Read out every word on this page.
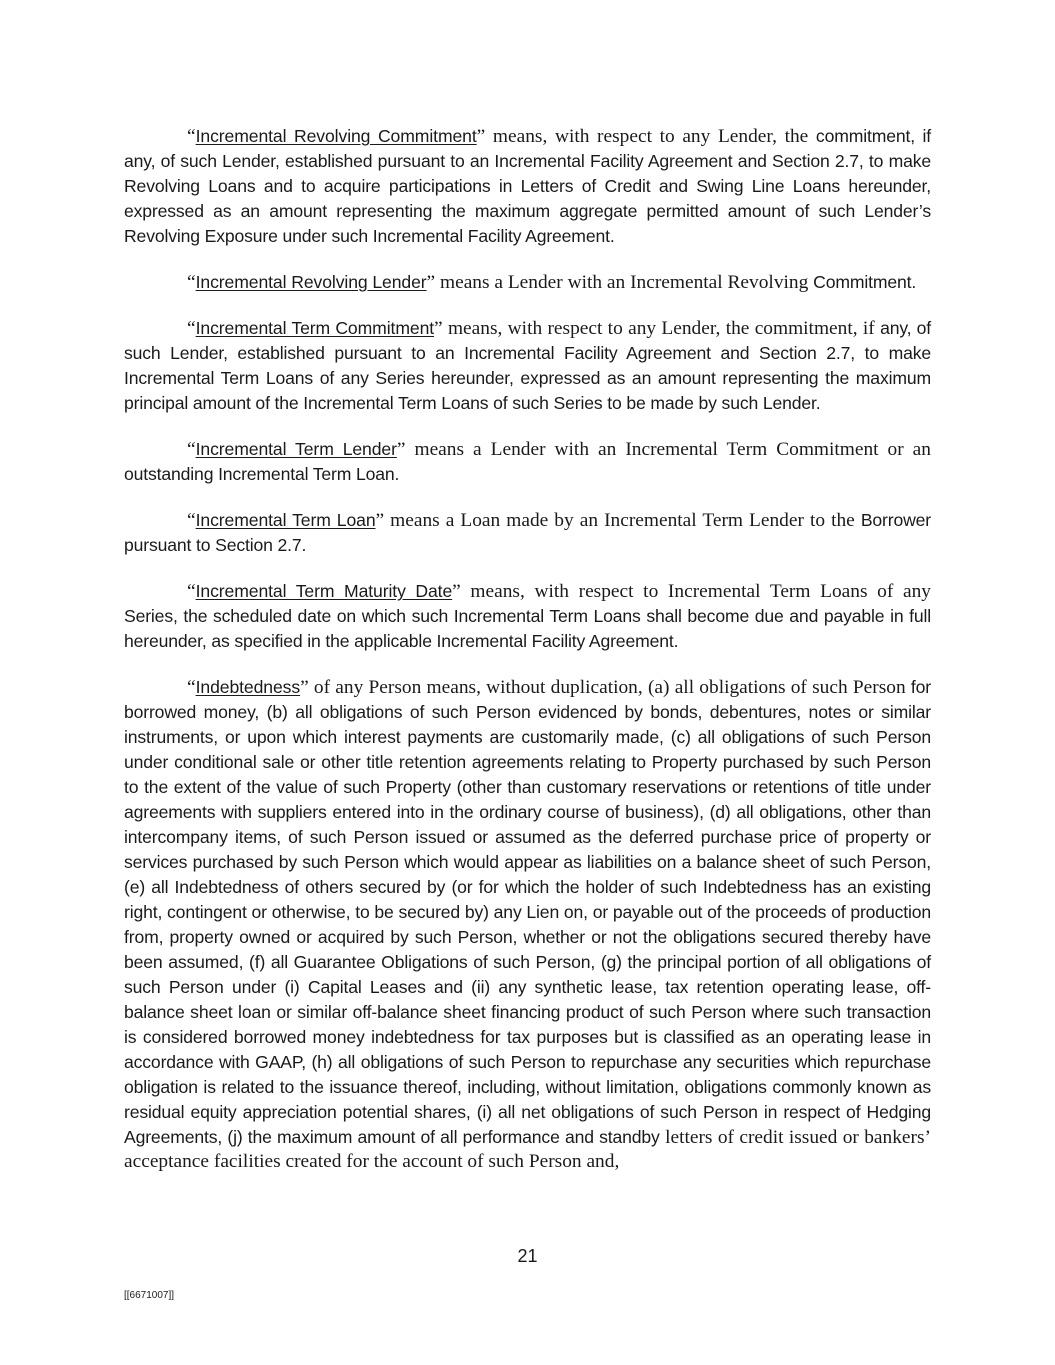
“Incremental Revolving Commitment” means, with respect to any Lender, the commitment, if any, of such Lender, established pursuant to an Incremental Facility Agreement and Section 2.7, to make Revolving Loans and to acquire participations in Letters of Credit and Swing Line Loans hereunder, expressed as an amount representing the maximum aggregate permitted amount of such Lender’s Revolving Exposure under such Incremental Facility Agreement.

“Incremental Revolving Lender” means a Lender with an Incremental Revolving Commitment.

“Incremental Term Commitment” means, with respect to any Lender, the commitment, if any, of such Lender, established pursuant to an Incremental Facility Agreement and Section 2.7, to make Incremental Term Loans of any Series hereunder, expressed as an amount representing the maximum principal amount of the Incremental Term Loans of such Series to be made by such Lender.

“Incremental Term Lender” means a Lender with an Incremental Term Commitment or an outstanding Incremental Term Loan.

“Incremental Term Loan” means a Loan made by an Incremental Term Lender to the Borrower pursuant to Section 2.7.

“Incremental Term Maturity Date” means, with respect to Incremental Term Loans of any Series, the scheduled date on which such Incremental Term Loans shall become due and payable in full hereunder, as specified in the applicable Incremental Facility Agreement.

“Indebtedness” of any Person means, without duplication, (a) all obligations of such Person for borrowed money, (b) all obligations of such Person evidenced by bonds, debentures, notes or similar instruments, or upon which interest payments are customarily made, (c) all obligations of such Person under conditional sale or other title retention agreements relating to Property purchased by such Person to the extent of the value of such Property (other than customary reservations or retentions of title under agreements with suppliers entered into in the ordinary course of business), (d) all obligations, other than intercompany items, of such Person issued or assumed as the deferred purchase price of property or services purchased by such Person which would appear as liabilities on a balance sheet of such Person, (e) all Indebtedness of others secured by (or for which the holder of such Indebtedness has an existing right, contingent or otherwise, to be secured by) any Lien on, or payable out of the proceeds of production from, property owned or acquired by such Person, whether or not the obligations secured thereby have been assumed, (f) all Guarantee Obligations of such Person, (g) the principal portion of all obligations of such Person under (i) Capital Leases and (ii) any synthetic lease, tax retention operating lease, off-balance sheet loan or similar off-balance sheet financing product of such Person where such transaction is considered borrowed money indebtedness for tax purposes but is classified as an operating lease in accordance with GAAP, (h) all obligations of such Person to repurchase any securities which repurchase obligation is related to the issuance thereof, including, without limitation, obligations commonly known as residual equity appreciation potential shares, (i) all net obligations of such Person in respect of Hedging Agreements, (j) the maximum amount of all performance and standby letters of credit issued or bankers’ acceptance facilities created for the account of such Person and,

21
[[6671007]]
